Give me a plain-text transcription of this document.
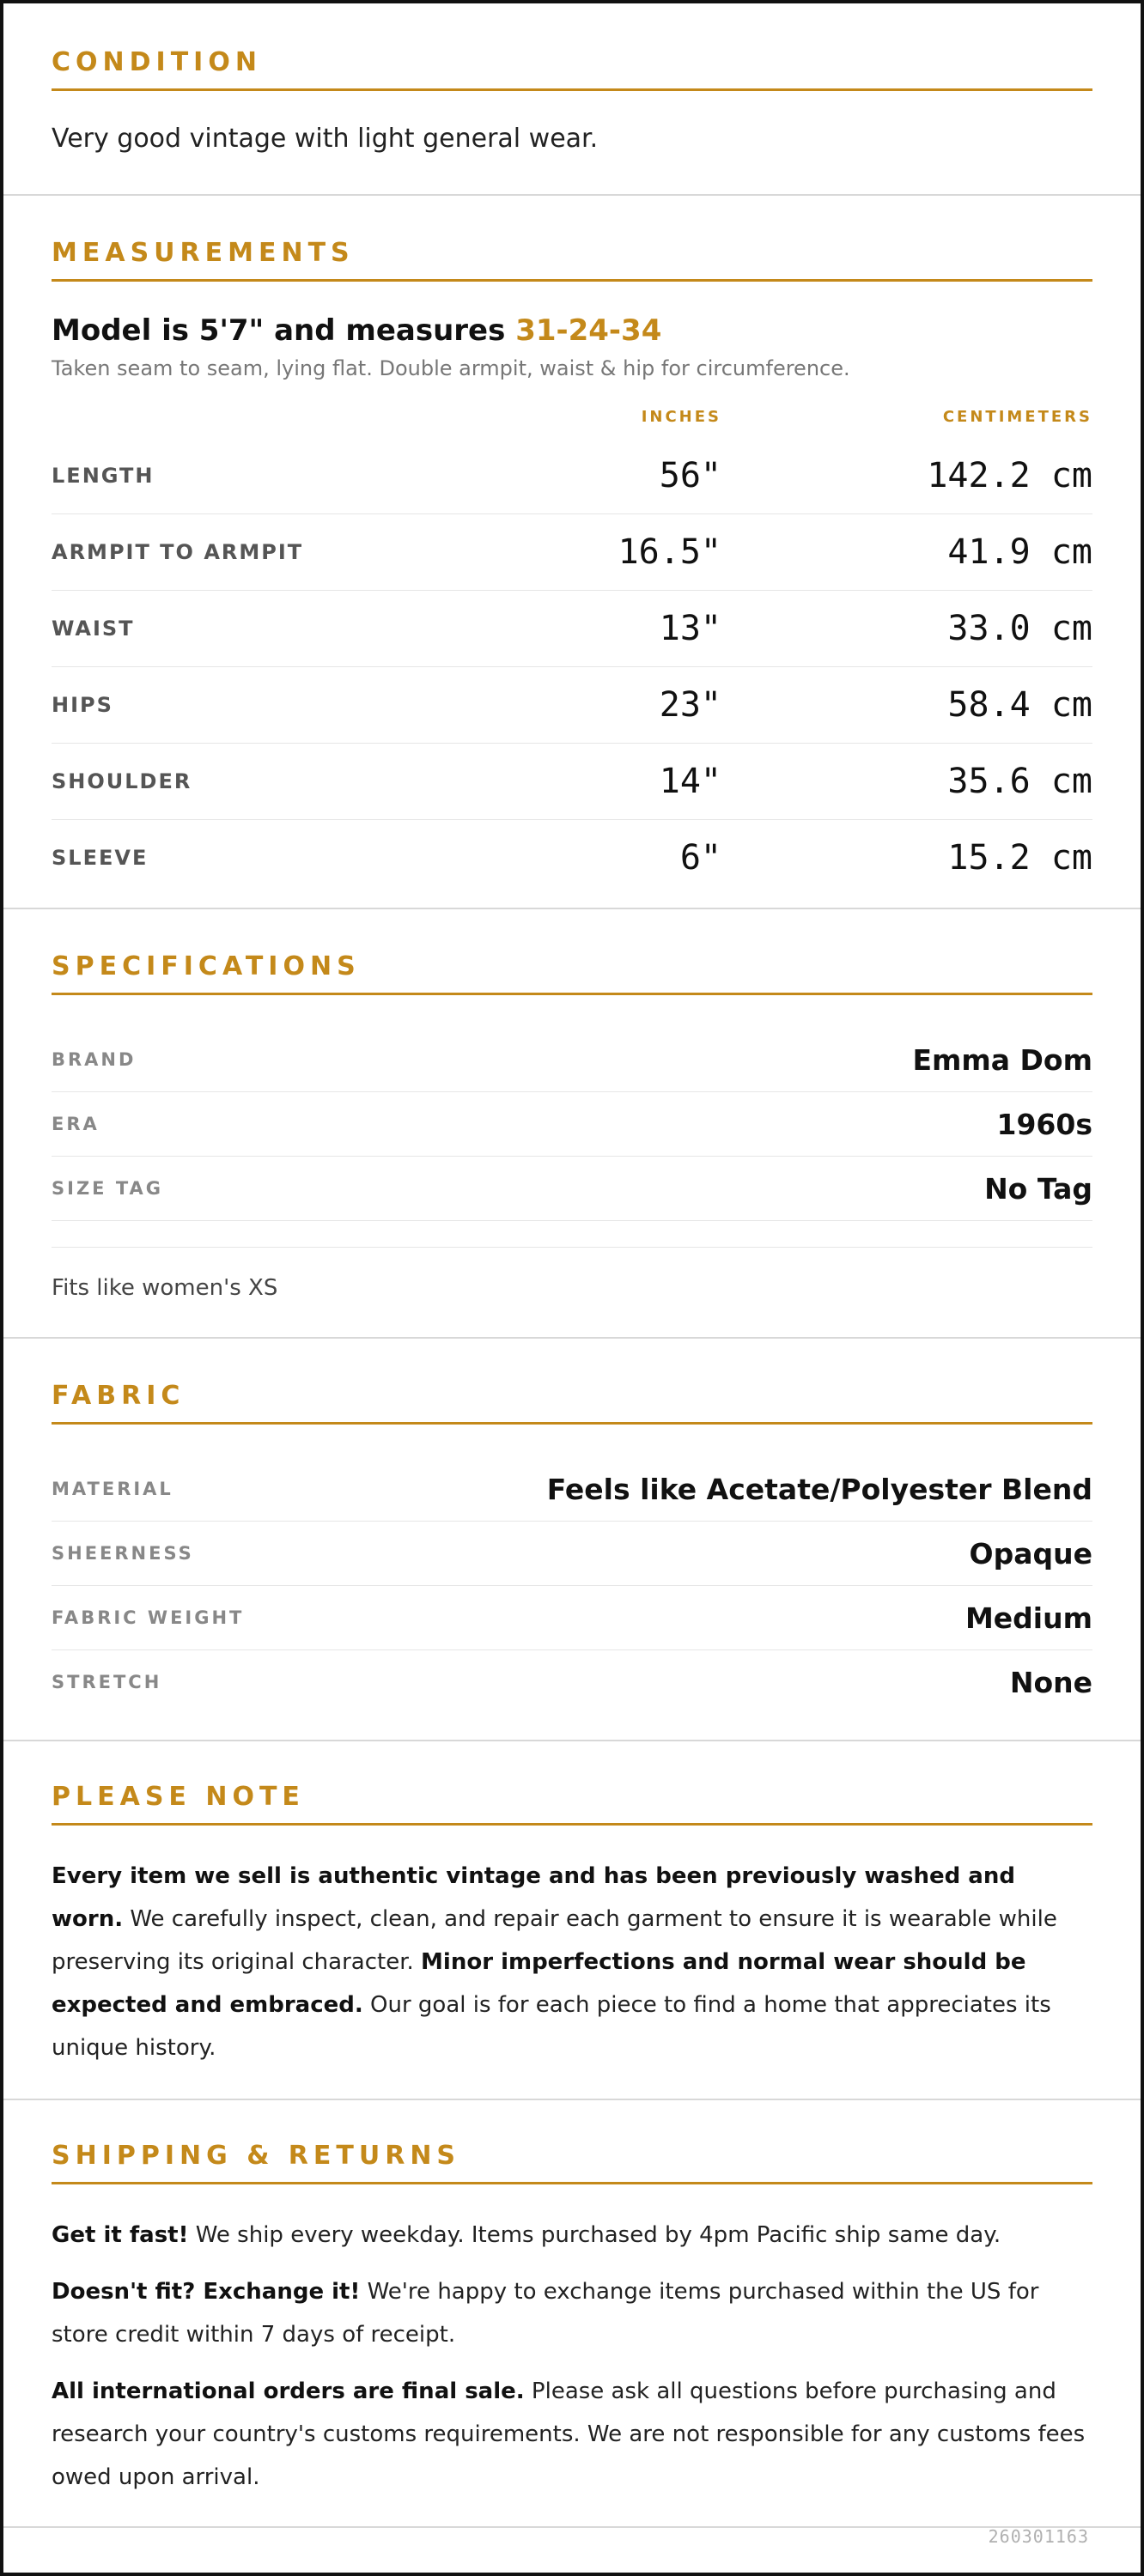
CONDITION
Very good vintage with light general wear.
MEASUREMENTS
Model is 5'7" and measures 31-24-34
Taken seam to seam, lying flat. Double armpit, waist & hip for circumference.
INCHES	CENTIMETERS
LENGTH	56"	142.2 cm
ARMPIT TO ARMPIT	16.5"	41.9 cm
WAIST	13"	33.0 cm
HIPS	23"	58.4 cm
SHOULDER	14"	35.6 cm
SLEEVE	6"	15.2 cm
SPECIFICATIONS
BRAND	Emma Dom
ERA	1960s
SIZE TAG	No Tag
Fits like women's XS
FABRIC
MATERIAL	Feels like Acetate/Polyester Blend
SHEERNESS	Opaque
FABRIC WEIGHT	Medium
STRETCH	None
PLEASE NOTE
Every item we sell is authentic vintage and has been previously washed and worn. We carefully inspect, clean, and repair each garment to ensure it is wearable while preserving its original character. Minor imperfections and normal wear should be expected and embraced. Our goal is for each piece to find a home that appreciates its unique history.
SHIPPING & RETURNS
Get it fast! We ship every weekday. Items purchased by 4pm Pacific ship same day.
Doesn't fit? Exchange it! We're happy to exchange items purchased within the US for store credit within 7 days of receipt.
All international orders are final sale. Please ask all questions before purchasing and research your country's customs requirements. We are not responsible for any customs fees owed upon arrival.
260301163
